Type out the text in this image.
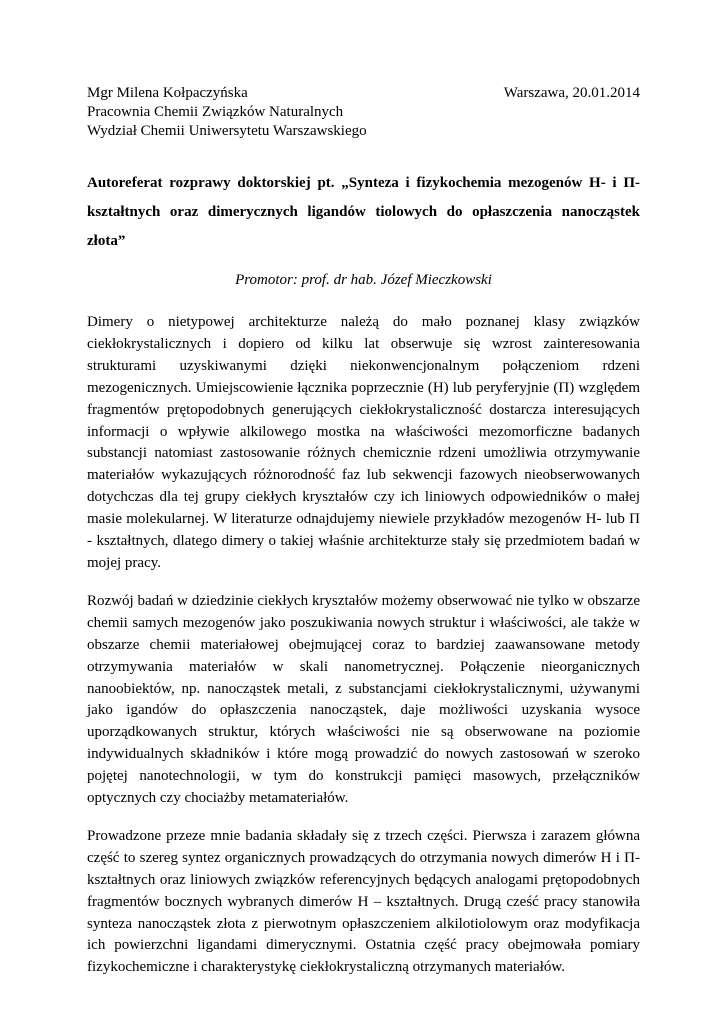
Mgr Milena Kołpaczyńska	Warszawa, 20.01.2014
Pracownia Chemii Związków Naturalnych
Wydział Chemii Uniwersytetu Warszawskiego
Autoreferat rozprawy doktorskiej pt. „Synteza i fizykochemia mezogenów H- i Π-kształtnych oraz dimerycznych ligandów tiolowych do opłaszczenia nanocząstek złota”
Promotor: prof. dr hab. Józef Mieczkowski

Dimery o nietypowej architekturze należą do mało poznanej klasy związków ciekłokrystalicznych i dopiero od kilku lat obserwuje się wzrost zainteresowania strukturami uzyskiwanymi dzięki niekonwencjonalnym połączeniom rdzeni mezogenicznych. Umiejscowienie łącznika poprzecznie (H) lub peryferyjnie (Π) względem fragmentów prętopodobnych generujących ciekłokrystaliczność dostarcza interesujących informacji o wpływie alkilowego mostka na właściwości mezomorficzne badanych substancji natomiast zastosowanie różnych chemicznie rdzeni umożliwia otrzymywanie materiałów wykazujących różnorodność faz lub sekwencji fazowych nieobserwowanych dotychczas dla tej grupy ciekłych kryształów czy ich liniowych odpowiedników o małej masie molekularnej. W literaturze odnajdujemy niewiele przykładów mezogenów H- lub Π - kształtnych, dlatego dimery o takiej właśnie architekturze stały się przedmiotem badań w mojej pracy.

Rozwój badań w dziedzinie ciekłych kryształów możemy obserwować nie tylko w obszarze chemii samych mezogenów jako poszukiwania nowych struktur i właściwości, ale także w obszarze chemii materiałowej obejmującej coraz to bardziej zaawansowane metody otrzymywania materiałów w skali nanometrycznej. Połączenie nieorganicznych nanoobiektów, np. nanocząstek metali, z substancjami ciekłokrystalicznymi, używanymi jako igandów do opłaszczenia nanocząstek, daje możliwości uzyskania wysoce uporządkowanych struktur, których właściwości nie są obserwowane na poziomie indywidualnych składników i które mogą prowadzić do nowych zastosowań w szeroko pojętej nanotechnologii, w tym do konstrukcji pamięci masowych, przełączników optycznych czy chociażby metamateriałów.

Prowadzone przeze mnie badania składały się z trzech części. Pierwsza i zarazem główna część to szereg syntez organicznych prowadzących do otrzymania nowych dimerów H i Π-kształtnych oraz liniowych związków referencyjnych będących analogami prętopodobnych fragmentów bocznych wybranych dimerów H – kształtnych. Drugą cześć pracy stanowiła synteza nanocząstek złota z pierwotnym opłaszczeniem alkilotiolowym oraz modyfikacja ich powierzchni ligandami dimerycznymi. Ostatnia część pracy obejmowała pomiary fizykochemiczne i charakterystykę ciekłokrystaliczną otrzymanych materiałów.
